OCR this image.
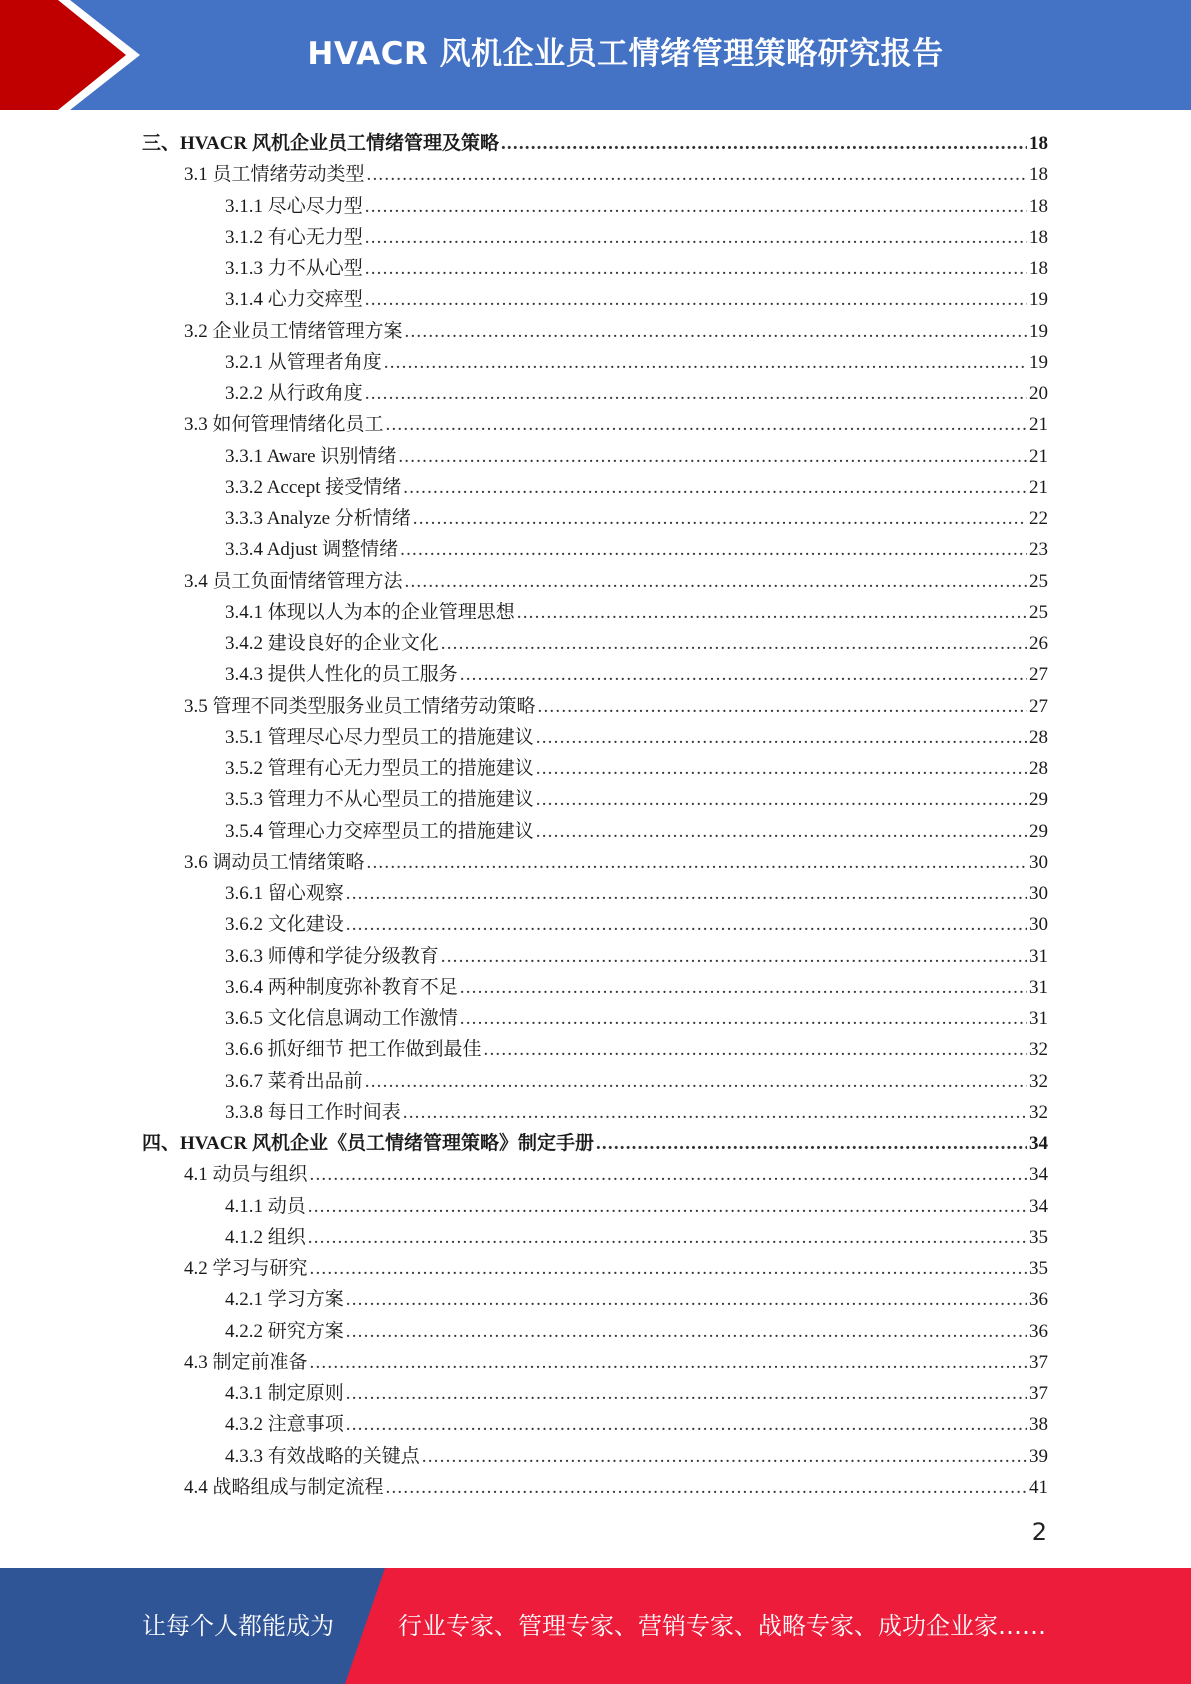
HVACR 风机企业员工情绪管理策略研究报告
三、HVACR 风机企业员工情绪管理及策略 .....	18
3.1 员工情绪劳动类型 .....	18
3.1.1 尽心尽力型 .....	18
3.1.2 有心无力型 .....	18
3.1.3 力不从心型 .....	18
3.1.4 心力交瘁型 .....	19
3.2 企业员工情绪管理方案 .....	19
3.2.1 从管理者角度 .....	19
3.2.2 从行政角度 .....	20
3.3 如何管理情绪化员工 .....	21
3.3.1 Aware 识别情绪 .....	21
3.3.2 Accept 接受情绪 .....	21
3.3.3 Analyze 分析情绪 .....	22
3.3.4 Adjust 调整情绪 .....	23
3.4 员工负面情绪管理方法 .....	25
3.4.1 体现以人为本的企业管理思想 .....	25
3.4.2 建设良好的企业文化 .....	26
3.4.3 提供人性化的员工服务 .....	27
3.5 管理不同类型服务业员工情绪劳动策略 .....	27
3.5.1 管理尽心尽力型员工的措施建议 .....	28
3.5.2 管理有心无力型员工的措施建议 .....	28
3.5.3 管理力不从心型员工的措施建议 .....	29
3.5.4 管理心力交瘁型员工的措施建议 .....	29
3.6 调动员工情绪策略 .....	30
3.6.1 留心观察 .....	30
3.6.2 文化建设 .....	30
3.6.3 师傅和学徒分级教育 .....	31
3.6.4 两种制度弥补教育不足 .....	31
3.6.5 文化信息调动工作激情 .....	31
3.6.6 抓好细节 把工作做到最佳 .....	32
3.6.7 菜肴出品前 .....	32
3.3.8 每日工作时间表 .....	32
四、HVACR 风机企业《员工情绪管理策略》制定手册 .....	34
4.1 动员与组织 .....	34
4.1.1 动员 .....	34
4.1.2 组织 .....	35
4.2 学习与研究 .....	35
4.2.1 学习方案 .....	36
4.2.2 研究方案 .....	36
4.3 制定前准备 .....	37
4.3.1 制定原则 .....	37
4.3.2 注意事项 .....	38
4.3.3 有效战略的关键点 .....	39
4.4 战略组成与制定流程 .....	41
2
让每个人都能成为	行业专家、管理专家、营销专家、战略专家、成功企业家……
